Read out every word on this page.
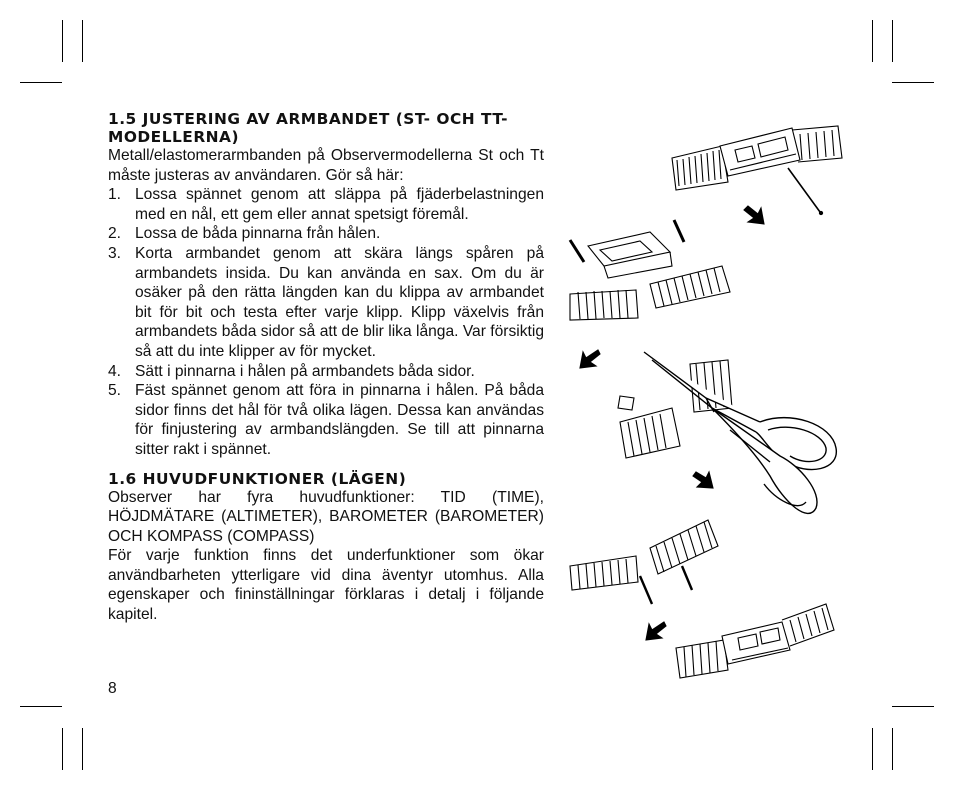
1.5 JUSTERING AV ARMBANDET (ST- OCH TT-MODELLERNA)

Metall/elastomerarmbanden på Observermodellerna St och Tt måste justeras av användaren. Gör så här:

1. Lossa spännet genom att släppa på fjäderbelastningen med en nål, ett gem eller annat spetsigt föremål.
2. Lossa de båda pinnarna från hålen.
3. Korta armbandet genom att skära längs spåren på armbandets insida. Du kan använda en sax. Om du är osäker på den rätta längden kan du klippa av armbandet bit för bit och testa efter varje klipp. Klipp växelvis från armbandets båda sidor så att de blir lika långa. Var försiktig så att du inte klipper av för mycket.
4. Sätt i pinnarna i hålen på armbandets båda sidor.
5. Fäst spännet genom att föra in pinnarna i hålen. På båda sidor finns det hål för två olika lägen. Dessa kan användas för finjustering av armbandslängden. Se till att pinnarna sitter rakt i spännet.
1.6 HUVUDFUNKTIONER (LÄGEN)

Observer har fyra huvudfunktioner: TID (TIME), HÖJDMÄTARE (ALTIMETER), BAROMETER (BAROMETER) OCH KOMPASS (COMPASS)

För varje funktion finns det underfunktioner som ökar användbarheten ytterligare vid dina äventyr utomhus. Alla egenskaper och fininställningar förklaras i detalj i följande kapitel.

8
